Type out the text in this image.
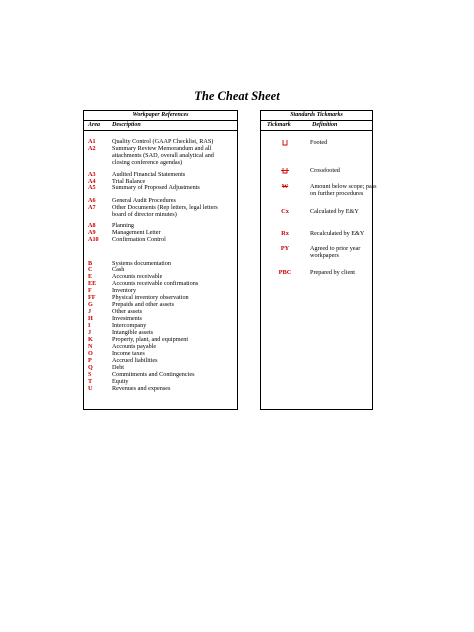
The Cheat Sheet
Workpaper References
Area Description
A1	Quality Control (GAAP Checklist, RAS)
A2	Summary Review Memorandum and all
attachments (SAD, overall analytical and
closing conference agendas)
A3	Audited Financial Statements
A4	Trial Balance
A5	Summary of Proposed Adjustments
A6	General Audit Procedures
A7	Other Documents (Rep letters, legal letters
board of director minutes)
A8	Planning
A9	Management Letter
A10 Confirmation Control
B	Systems documentation
C	Cash
E	Accounts receivable
EE	Accounts receivable confirmations
F	Inventory
FF	Physical inventory observation
G	Prepaids and other assets
J	Other assets
H	Investments
I	Intercompany
J	Intangible assets
K	Property, plant, and equipment
N	Accounts payable
O	Income taxes
P	Accrued liabilities
Q	Debt
S	Commitments and Contingencies
T	Equity
U	Revenues and expenses
Standards Tickmarks
Tickmark	Definition
Footed
Crossfooted
W	Amount below scope; pass
on further procedures
Cx	Calculated by E&Y
Rx	Recalculated by E&Y
PY	Agreed to prior year
workpapers
PBC	Prepared by client
